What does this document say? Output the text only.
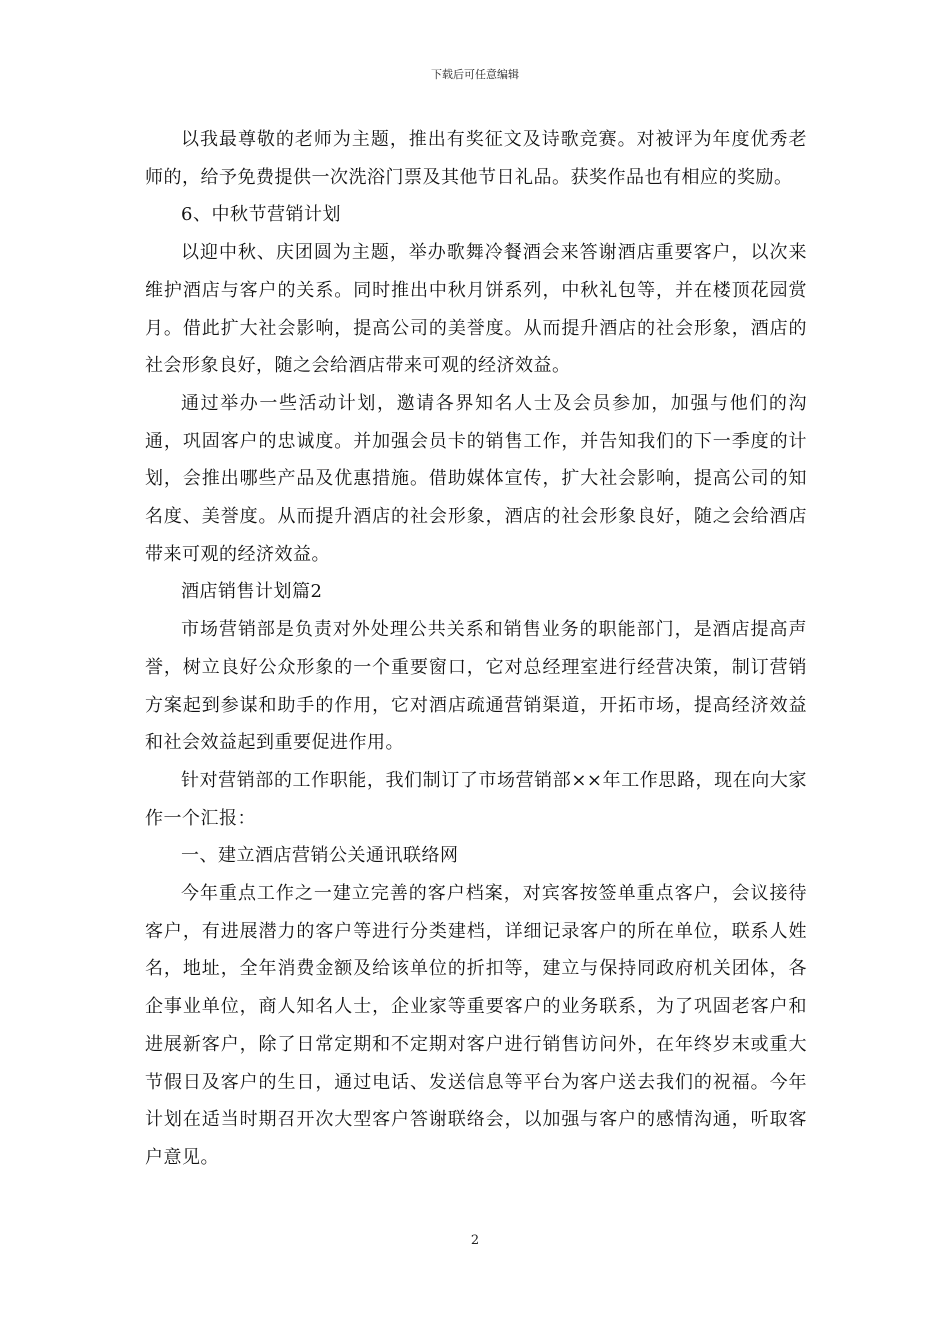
下载后可任意编辑

以我最尊敬的老师为主题，推出有奖征文及诗歌竞赛。对被评为年度优秀老师的，给予免费提供一次洗浴门票及其他节日礼品。获奖作品也有相应的奖励。

6、中秋节营销计划

以迎中秋、庆团圆为主题，举办歌舞冷餐酒会来答谢酒店重要客户，以次来维护酒店与客户的关系。同时推出中秋月饼系列，中秋礼包等，并在楼顶花园赏月。借此扩大社会影响，提高公司的美誉度。从而提升酒店的社会形象，酒店的社会形象良好，随之会给酒店带来可观的经济效益。

通过举办一些活动计划，邀请各界知名人士及会员参加，加强与他们的沟通，巩固客户的忠诚度。并加强会员卡的销售工作，并告知我们的下一季度的计划，会推出哪些产品及优惠措施。借助媒体宣传，扩大社会影响，提高公司的知名度、美誉度。从而提升酒店的社会形象，酒店的社会形象良好，随之会给酒店带来可观的经济效益。

酒店销售计划篇2

市场营销部是负责对外处理公共关系和销售业务的职能部门，是酒店提高声誉，树立良好公众形象的一个重要窗口，它对总经理室进行经营决策，制订营销方案起到参谋和助手的作用，它对酒店疏通营销渠道，开拓市场，提高经济效益和社会效益起到重要促进作用。

针对营销部的工作职能，我们制订了市场营销部××年工作思路，现在向大家作一个汇报：

一、建立酒店营销公关通讯联络网

今年重点工作之一建立完善的客户档案，对宾客按签单重点客户，会议接待客户，有进展潜力的客户等进行分类建档，详细记录客户的所在单位，联系人姓名，地址，全年消费金额及给该单位的折扣等，建立与保持同政府机关团体，各企事业单位，商人知名人士，企业家等重要客户的业务联系，为了巩固老客户和进展新客户，除了日常定期和不定期对客户进行销售访问外，在年终岁末或重大节假日及客户的生日，通过电话、发送信息等平台为客户送去我们的祝福。今年计划在适当时期召开次大型客户答谢联络会，以加强与客户的感情沟通，听取客户意见。

2
